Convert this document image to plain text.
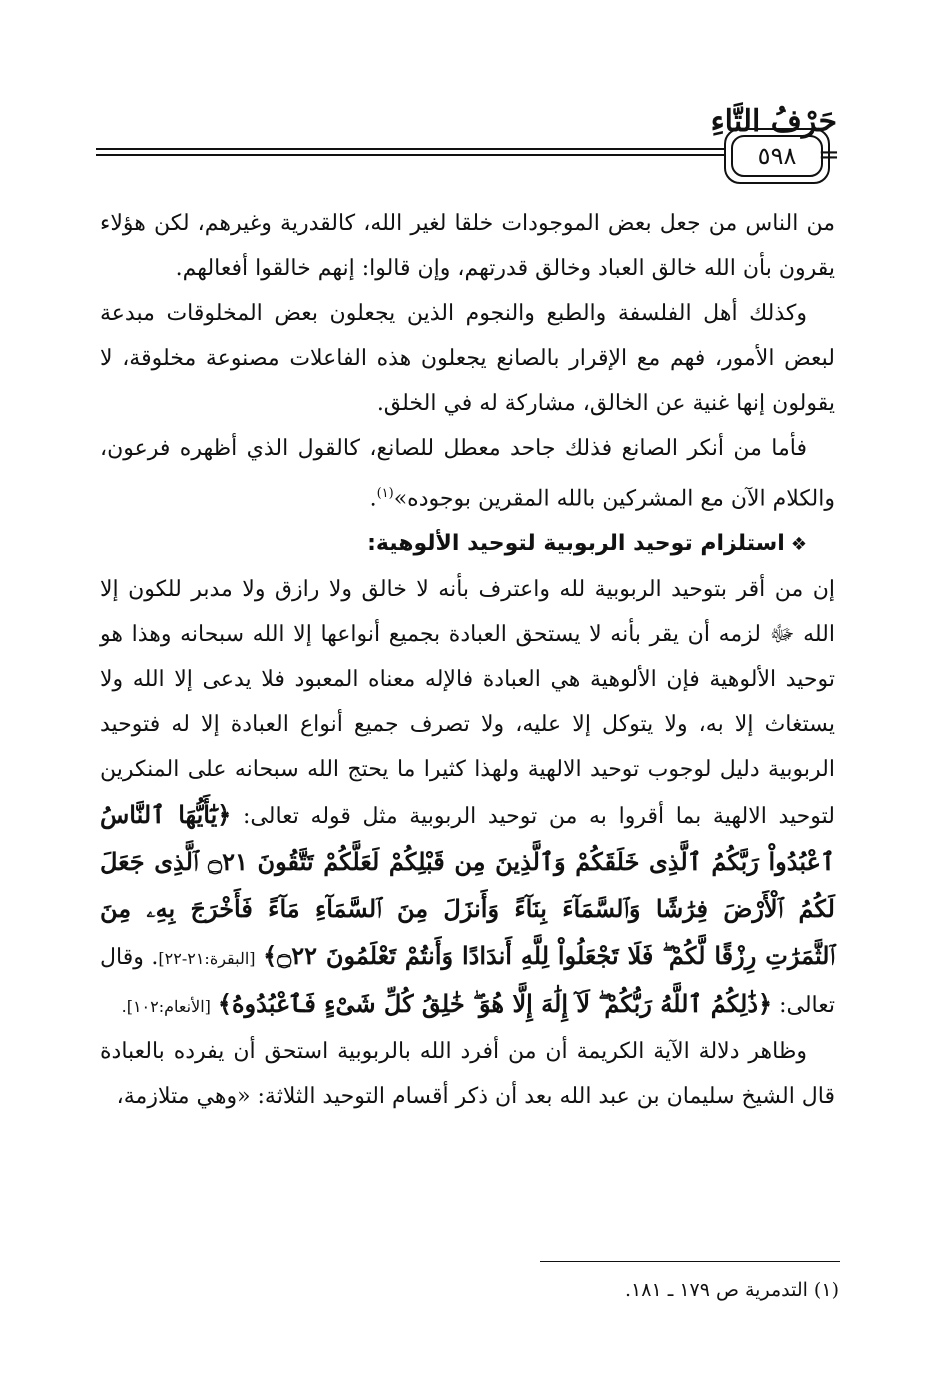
حَرْفُ التَّاءِ
٥٩٨ =

من الناس من جعل بعض الموجودات خلقا لغير الله، كالقدرية وغيرهم، لكن هؤلاء يقرون بأن الله خالق العباد وخالق قدرتهم، وإن قالوا: إنهم خالقوا أفعالهم.

وكذلك أهل الفلسفة والطبع والنجوم الذين يجعلون بعض المخلوقات مبدعة لبعض الأمور، فهم مع الإقرار بالصانع يجعلون هذه الفاعلات مصنوعة مخلوقة، لا يقولون إنها غنية عن الخالق، مشاركة له في الخلق.

فأما من أنكر الصانع فذلك جاحد معطل للصانع، كالقول الذي أظهره فرعون، والكلام الآن مع المشركين بالله المقرين بوجوده»$^{(١)}$.

❖استلزام توحيد الربوبية لتوحيد الألوهية:

إن من أقر بتوحيد الربوبية لله واعترف بأنه لا خالق ولا رازق ولا مدبر للكون إلا الله ﷻ لزمه أن يقر بأنه لا يستحق العبادة بجميع أنواعها إلا الله سبحانه وهذا هو توحيد الألوهية فإن الألوهية هي العبادة فالإله معناه المعبود فلا يدعى إلا الله ولا يستغاث إلا به، ولا يتوكل إلا عليه، ولا تصرف جميع أنواع العبادة إلا له فتوحيد الربوبية دليل لوجوب توحيد الالهية ولهذا كثيرا ما يحتج الله سبحانه على المنكرين لتوحيد الالهية بما أقروا به من توحيد الربوبية مثل قوله تعالى: ﴿يَٰٓأَيُّهَا ٱلنَّاسُ ٱعْبُدُواْ رَبَّكُمُ ٱلَّذِى خَلَقَكُمْ وَٱلَّذِينَ مِن قَبْلِكُمْ لَعَلَّكُمْ تَتَّقُونَ ۝٢١ ٱلَّذِى جَعَلَ لَكُمُ ٱلْأَرْضَ فِرَٰشًا وَٱلسَّمَآءَ بِنَآءً وَأَنزَلَ مِنَ ٱلسَّمَآءِ مَآءً فَأَخْرَجَ بِهِۦ مِنَ ٱلثَّمَرَٰتِ رِزْقًا لَّكُمْ ۖ فَلَا تَجْعَلُواْ لِلَّهِ أَندَادًا وَأَنتُمْ تَعْلَمُونَ ۝٢٢﴾ [البقرة:٢١-٢٢]. وقال تعالى: ﴿ذَٰلِكُمُ ٱللَّهُ رَبُّكُمْ ۖ لَآ إِلَٰهَ إِلَّا هُوَ ۖ خَٰلِقُ كُلِّ شَىْءٍ فَٱعْبُدُوهُ﴾ [الأنعام:١٠٢].

وظاهر دلالة الآية الكريمة أن من أفرد الله بالربوبية استحق أن يفرده بالعبادة قال الشيخ سليمان بن عبد الله بعد أن ذكر أقسام التوحيد الثلاثة: «وهي متلازمة،

(١) التدمرية ص ١٧٩ ـ ١٨١.
